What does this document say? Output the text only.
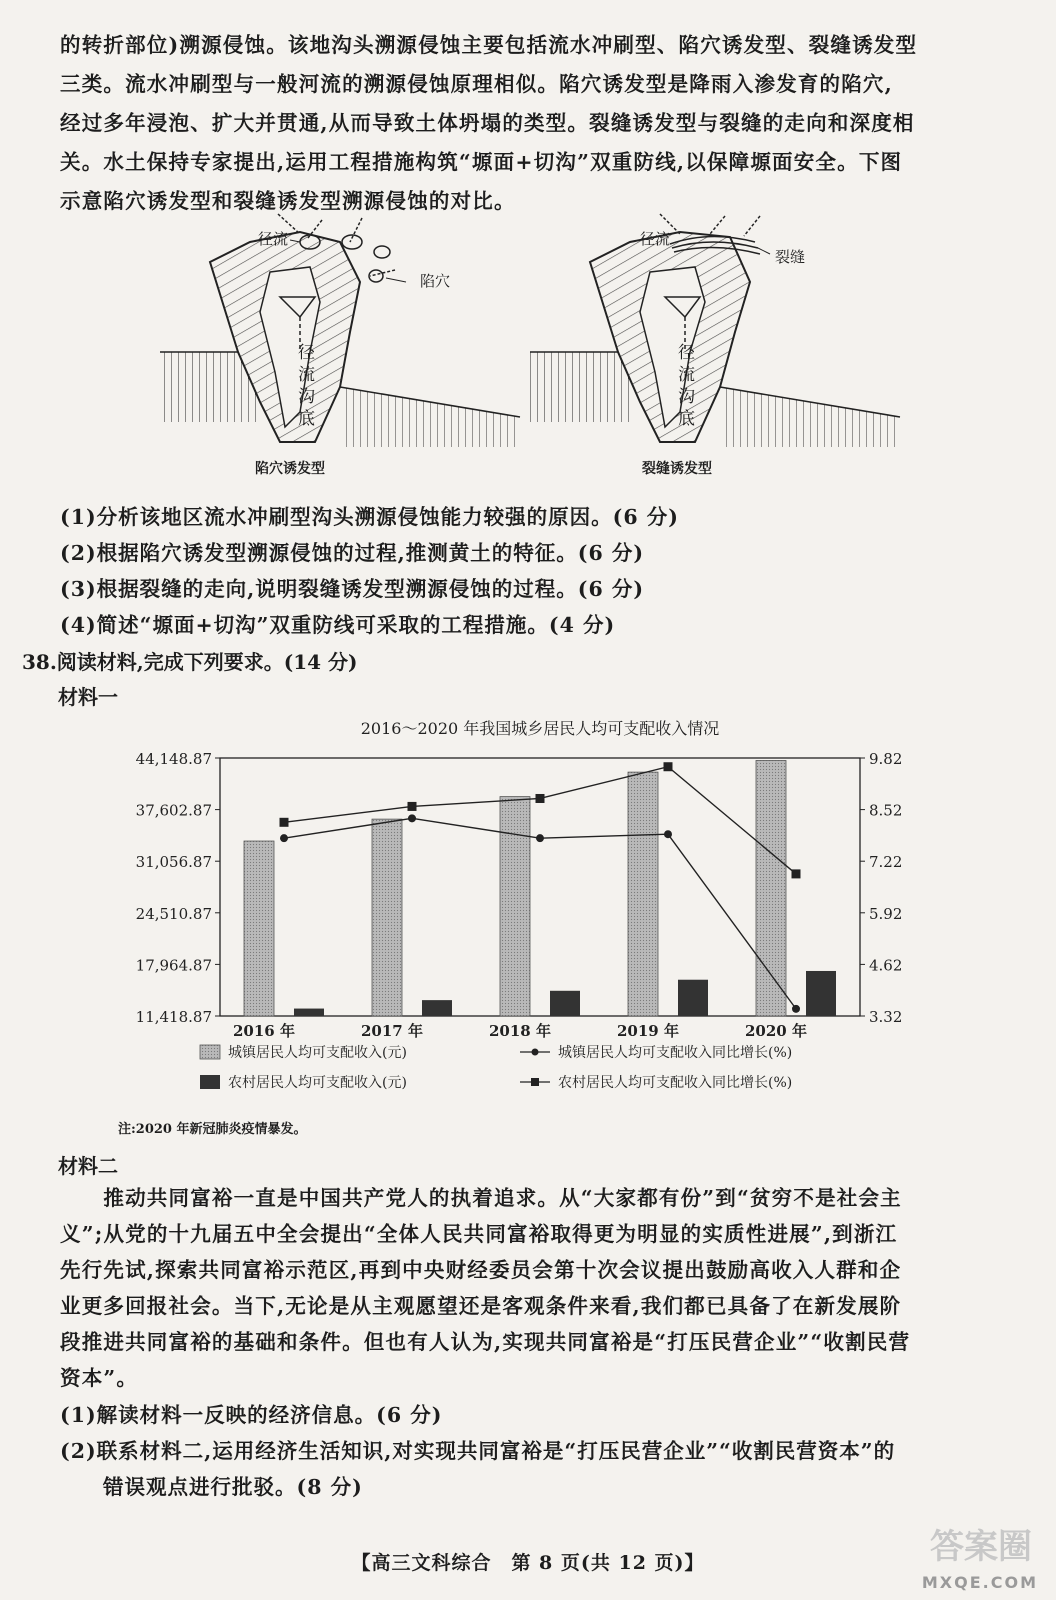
的转折部位)溯源侵蚀。该地沟头溯源侵蚀主要包括流水冲刷型、陷穴诱发型、裂缝诱发型
三类。流水冲刷型与一般河流的溯源侵蚀原理相似。陷穴诱发型是降雨入渗发育的陷穴,
经过多年浸泡、扩大并贯通,从而导致土体坍塌的类型。裂缝诱发型与裂缝的走向和深度相
关。水土保持专家提出,运用工程措施构筑“塬面+切沟”双重防线,以保障塬面安全。下图
示意陷穴诱发型和裂缝诱发型溯源侵蚀的对比。
径流
陷穴
径
流
沟
底
陷穴诱发型
径流
裂缝
径
流
沟
底
裂缝诱发型
(1)分析该地区流水冲刷型沟头溯源侵蚀能力较强的原因。(6 分)
(2)根据陷穴诱发型溯源侵蚀的过程,推测黄土的特征。(6 分)
(3)根据裂缝的走向,说明裂缝诱发型溯源侵蚀的过程。(6 分)
(4)简述“塬面+切沟”双重防线可采取的工程措施。(4 分)
38.阅读材料,完成下列要求。(14 分)
材料一
2016～2020 年我国城乡居民人均可支配收入情况
44,148.87
37,602.87
31,056.87
24,510.87
17,964.87
11,418.87
9.82
8.52
7.22
5.92
4.62
3.32
2016 年	2017 年	2018 年	2019 年	2020 年
城镇居民人均可支配收入(元)	城镇居民人均可支配收入同比增长(%)
农村居民人均可支配收入(元)	农村居民人均可支配收入同比增长(%)
注:2020 年新冠肺炎疫情暴发。
材料二
　　推动共同富裕一直是中国共产党人的执着追求。从“大家都有份”到“贫穷不是社会主
义”;从党的十九届五中全会提出“全体人民共同富裕取得更为明显的实质性进展”,到浙江
先行先试,探索共同富裕示范区,再到中央财经委员会第十次会议提出鼓励高收入人群和企
业更多回报社会。当下,无论是从主观愿望还是客观条件来看,我们都已具备了在新发展阶
段推进共同富裕的基础和条件。但也有人认为,实现共同富裕是“打压民营企业”“收割民营
资本”。
(1)解读材料一反映的经济信息。(6 分)
(2)联系材料二,运用经济生活知识,对实现共同富裕是“打压民营企业”“收割民营资本”的
　　错误观点进行批驳。(8 分)
【高三文科综合　第 8 页(共 12 页)】	答案圈
MXQE.COM
